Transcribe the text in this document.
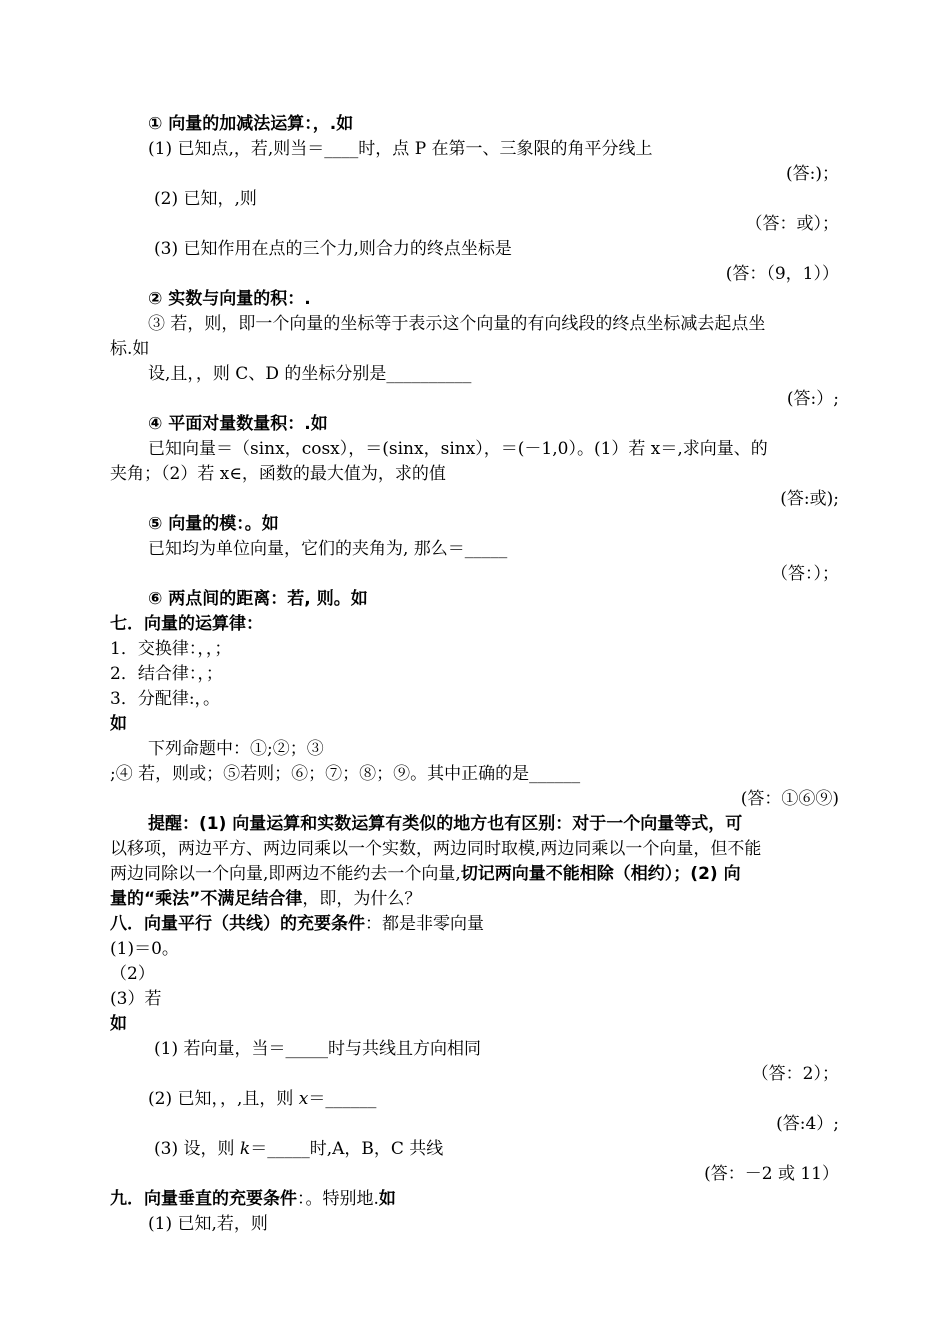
① 向量的加减法运算：，.如
(1) 已知点,，若,则当＝____时，点 P 在第一、三象限的角平分线上
(答:)；
(2) 已知，,则
（答：或）；
(3) 已知作用在点的三个力,则合力的终点坐标是
(答：（9，1））
② 实数与向量的积：.
③ 若，则，即一个向量的坐标等于表示这个向量的有向线段的终点坐标减去起点坐
标.如
设,且，，则 C、D 的坐标分别是__________
(答:）;
④ 平面对量数量积：.如
已知向量＝（sinx，cosx），＝(sinx，sinx），＝(－1,0）。(1）若 x＝,求向量、的
夹角；（2）若 x∈，函数的最大值为，求的值
(答:或);
⑤ 向量的模：。如
已知均为单位向量，它们的夹角为, 那么＝_____
（答：）；
⑥ 两点间的距离：若, 则。如
七．向量的运算律：
1．交换律：，，；
2．结合律：，；
3．分配律:，。
如
下列命题中：①;②；③
;④ 若，则或；⑤若则；⑥；⑦；⑧；⑨。其中正确的是______
(答：①⑥⑨)
提醒：(1) 向量运算和实数运算有类似的地方也有区别：对于一个向量等式，可
以移项，两边平方、两边同乘以一个实数，两边同时取模,两边同乘以一个向量，但不能
两边同除以一个向量,即两边不能约去一个向量,切记两向量不能相除（相约）；(2) 向
量的“乘法”不满足结合律，即，为什么？
八．向量平行（共线）的充要条件：都是非零向量
(1)＝0。
（2）
(3）若
如
(1) 若向量，当＝_____时与共线且方向相同
（答：2）；
(2) 已知，，,且，则 x＝______
(答:4）;
(3) 设，则 k＝_____时,A，B，C 共线
(答：－2 或 11）
九．向量垂直的充要条件：。特别地.如
(1) 已知,若，则
